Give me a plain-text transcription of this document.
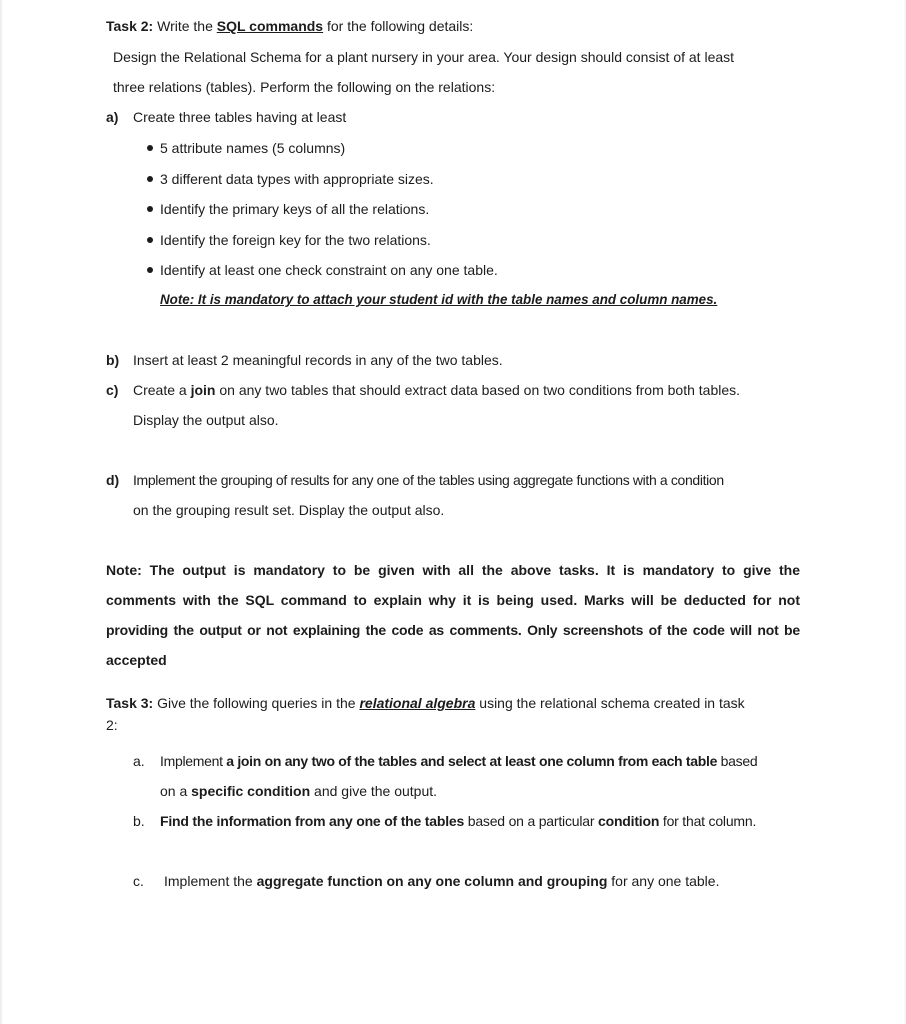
Task 2: Write the SQL commands for the following details:
Design the Relational Schema for a plant nursery in your area. Your design should consist of at least
three relations (tables). Perform the following on the relations:
a) Create three tables having at least
5 attribute names (5 columns)
3 different data types with appropriate sizes.
Identify the primary keys of all the relations.
Identify the foreign key for the two relations.
Identify at least one check constraint on any one table.
Note: It is mandatory to attach your student id with the table names and column names.
b) Insert at least 2 meaningful records in any of the two tables.
c) Create a join on any two tables that should extract data based on two conditions from both tables.
Display the output also.
d) Implement the grouping of results for any one of the tables using aggregate functions with a condition
on the grouping result set. Display the output also.
Note: The output is mandatory to be given with all the above tasks. It is mandatory to give the
comments with the SQL command to explain why it is being used. Marks will be deducted for not
providing the output or not explaining the code as comments. Only screenshots of the code will not be
accepted
Task 3: Give the following queries in the relational algebra using the relational schema created in task
2:
a. Implement a join on any two of the tables and select at least one column from each table based
on a specific condition and give the output.
b. Find the information from any one of the tables based on a particular condition for that column.
c. Implement the aggregate function on any one column and grouping for any one table.
